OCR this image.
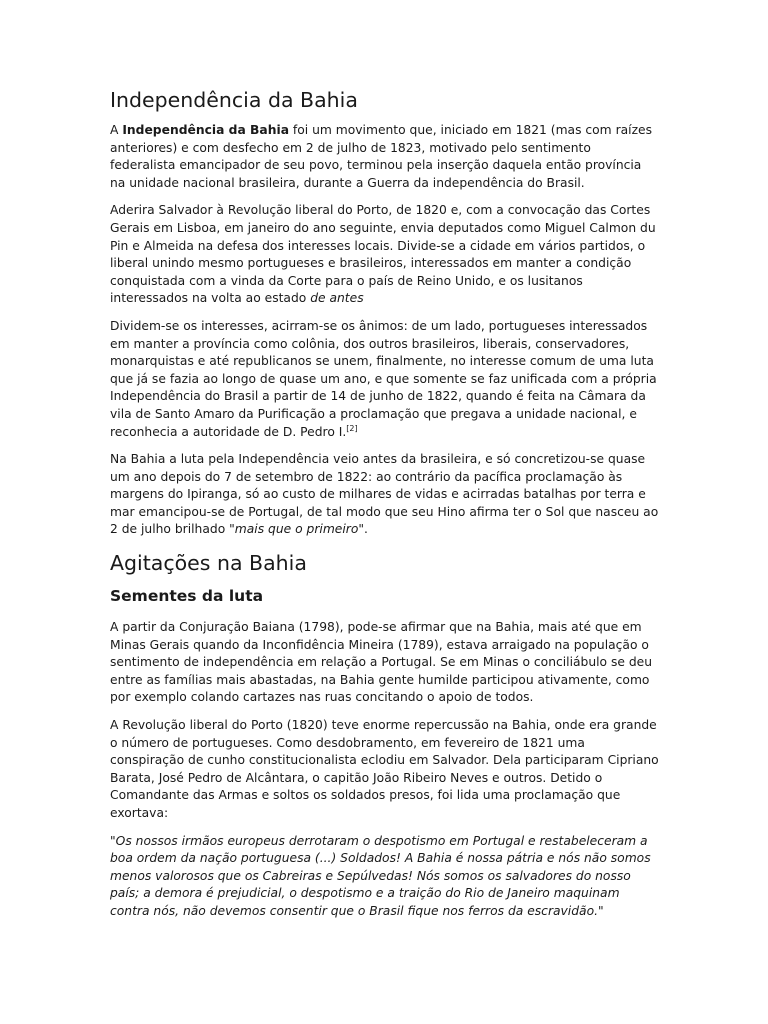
Independência da Bahia

A Independência da Bahia foi um movimento que, iniciado em 1821 (mas com raízes anteriores) e com desfecho em 2 de julho de 1823, motivado pelo sentimento federalista emancipador de seu povo, terminou pela inserção daquela então província na unidade nacional brasileira, durante a Guerra da independência do Brasil.

Aderira Salvador à Revolução liberal do Porto, de 1820 e, com a convocação das Cortes Gerais em Lisboa, em janeiro do ano seguinte, envia deputados como Miguel Calmon du Pin e Almeida na defesa dos interesses locais. Divide-se a cidade em vários partidos, o liberal unindo mesmo portugueses e brasileiros, interessados em manter a condição conquistada com a vinda da Corte para o país de Reino Unido, e os lusitanos interessados na volta ao estado de antes

Dividem-se os interesses, acirram-se os ânimos: de um lado, portugueses interessados em manter a província como colônia, dos outros brasileiros, liberais, conservadores, monarquistas e até republicanos se unem, finalmente, no interesse comum de uma luta que já se fazia ao longo de quase um ano, e que somente se faz unificada com a própria Independência do Brasil a partir de 14 de junho de 1822, quando é feita na Câmara da vila de Santo Amaro da Purificação a proclamação que pregava a unidade nacional, e reconhecia a autoridade de D. Pedro I.[2]

Na Bahia a luta pela Independência veio antes da brasileira, e só concretizou-se quase um ano depois do 7 de setembro de 1822: ao contrário da pacífica proclamação às margens do Ipiranga, só ao custo de milhares de vidas e acirradas batalhas por terra e mar emancipou-se de Portugal, de tal modo que seu Hino afirma ter o Sol que nasceu ao 2 de julho brilhado "mais que o primeiro".

Agitações na Bahia
Sementes da luta

A partir da Conjuração Baiana (1798), pode-se afirmar que na Bahia, mais até que em Minas Gerais quando da Inconfidência Mineira (1789), estava arraigado na população o sentimento de independência em relação a Portugal. Se em Minas o conciliábulo se deu entre as famílias mais abastadas, na Bahia gente humilde participou ativamente, como por exemplo colando cartazes nas ruas concitando o apoio de todos.

A Revolução liberal do Porto (1820) teve enorme repercussão na Bahia, onde era grande o número de portugueses. Como desdobramento, em fevereiro de 1821 uma conspiração de cunho constitucionalista eclodiu em Salvador. Dela participaram Cipriano Barata, José Pedro de Alcântara, o capitão João Ribeiro Neves e outros. Detido o Comandante das Armas e soltos os soldados presos, foi lida uma proclamação que exortava:

"Os nossos irmãos europeus derrotaram o despotismo em Portugal e restabeleceram a boa ordem da nação portuguesa (...) Soldados! A Bahia é nossa pátria e nós não somos menos valorosos que os Cabreiras e Sepúlvedas! Nós somos os salvadores do nosso país; a demora é prejudicial, o despotismo e a traição do Rio de Janeiro maquinam contra nós, não devemos consentir que o Brasil fique nos ferros da escravidão."
